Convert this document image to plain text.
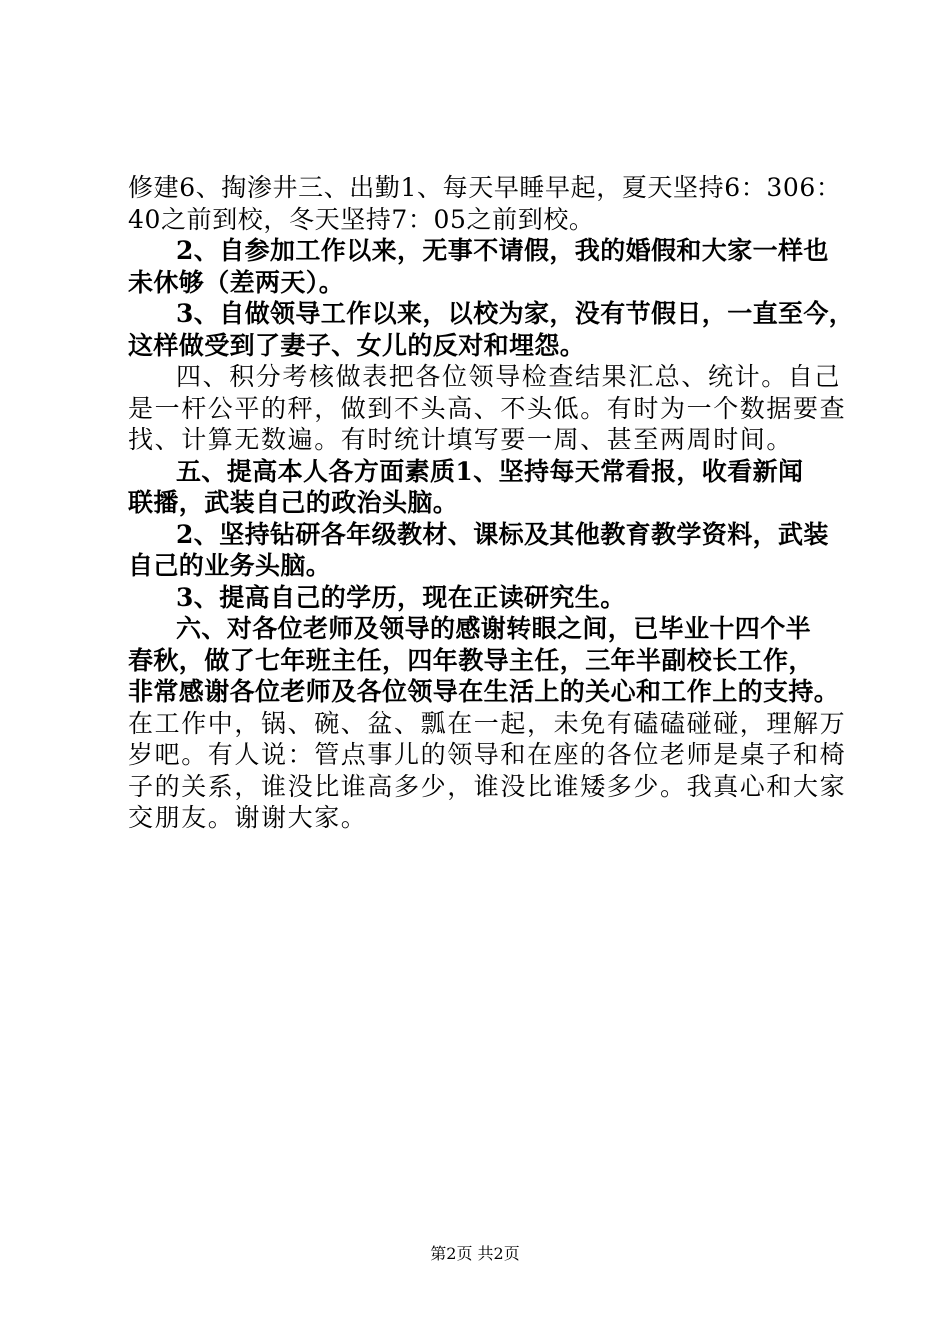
修建6、掏渗井三、出勤1、每天早睡早起，夏天坚持6：306：
40之前到校，冬天坚持7：05之前到校。
2、自参加工作以来，无事不请假，我的婚假和大家一样也
未休够（差两天）。
3、自做领导工作以来，以校为家，没有节假日，一直至今，
这样做受到了妻子、女儿的反对和埋怨。
四、积分考核做表把各位领导检查结果汇总、统计。自己
是一杆公平的秤，做到不头高、不头低。有时为一个数据要查
找、计算无数遍。有时统计填写要一周、甚至两周时间。
五、提高本人各方面素质1、坚持每天常看报，收看新闻
联播，武装自己的政治头脑。
2、坚持钻研各年级教材、课标及其他教育教学资料，武装
自己的业务头脑。
3、提高自己的学历，现在正读研究生。
六、对各位老师及领导的感谢转眼之间，已毕业十四个半
春秋，做了七年班主任，四年教导主任，三年半副校长工作，
非常感谢各位老师及各位领导在生活上的关心和工作上的支持。
在工作中，锅、碗、盆、瓢在一起，未免有磕磕碰碰，理解万
岁吧。有人说：管点事儿的领导和在座的各位老师是桌子和椅
子的关系，谁没比谁高多少，谁没比谁矮多少。我真心和大家
交朋友。谢谢大家。
第2页 共2页
